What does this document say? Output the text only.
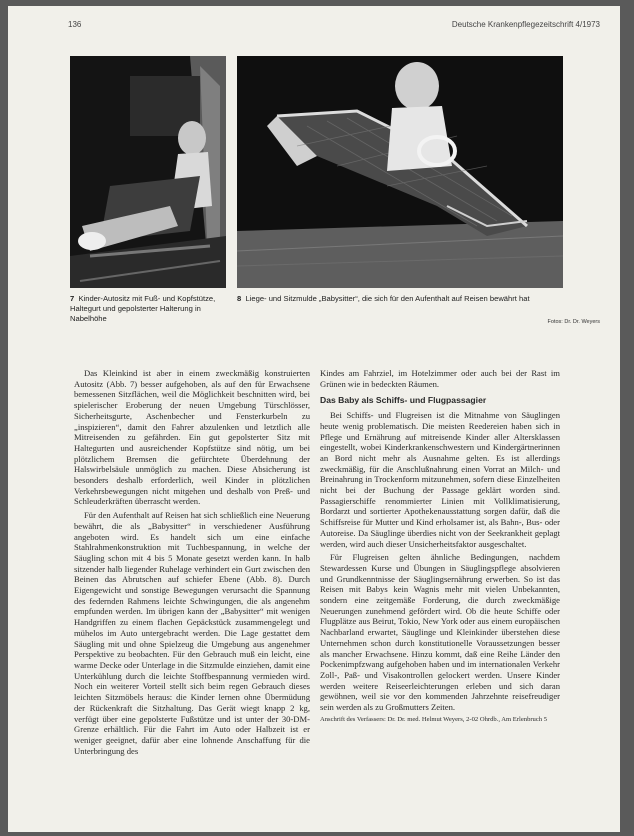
136	Deutsche Krankenpflegezeitschrift 4/1973
7 Kinder-Autositz mit Fuß- und Kopfstütze, Haltegurt und gepolsterter Halterung in Nabelhöhe
8 Liege- und Sitzmulde „Babysitter“, die sich für den Aufenthalt auf Reisen bewährt hat
Fotos: Dr. Dr. Weyers

Das Kleinkind ist aber in einem zweckmäßig konstruierten Autositz (Abb. 7) besser aufgehoben, als auf den für Erwachsene bemessenen Sitzflächen, weil die Möglichkeit beschnitten wird, bei spielerischer Eroberung der neuen Umgebung Türschlösser, Sicherheitsgurte, Aschenbecher und Fensterkurbeln zu „inspizieren“, damit den Fahrer abzulenken und letztlich alle Mitreisenden zu gefährden. Ein gut gepolsterter Sitz mit Haltegurten und ausreichender Kopfstütze sind nötig, um bei plötzlichem Bremsen die gefürchtete Überdehnung der Halswirbelsäule unmöglich zu machen. Diese Absicherung ist besonders deshalb erforderlich, weil Kinder in plötzlichen Verkehrsbewegungen nicht mitgehen und deshalb von Preß- und Schleuderkräften überrascht werden.

Für den Aufenthalt auf Reisen hat sich schließlich eine Neuerung bewährt, die als „Babysitter“ in verschiedener Ausführung angeboten wird. Es handelt sich um eine einfache Stahlrahmenkonstruktion mit Tuchbespannung, in welche der Säugling schon mit 4 bis 5 Monate gesetzt werden kann. In halb sitzender halb liegender Ruhelage verhindert ein Gurt zwischen den Beinen das Abrutschen auf schiefer Ebene (Abb. 8). Durch Eigengewicht und sonstige Bewegungen verursacht die Spannung des federnden Rahmens leichte Schwingungen, die als angenehm empfunden werden. Im übrigen kann der „Babysitter“ mit wenigen Handgriffen zu einem flachen Gepäckstück zusammengelegt und mühelos im Auto untergebracht werden. Die Lage gestattet dem Säugling mit und ohne Spielzeug die Umgebung aus angenehmer Perspektive zu beobachten. Für den Gebrauch muß ein leicht, eine warme Decke oder Unterlage in die Sitzmulde einziehen, damit eine Unterkühlung durch die leichte Stoffbespannung vermieden wird. Noch ein weiterer Vorteil stellt sich beim regen Gebrauch dieses leichten Sitzmöbels heraus: die Kinder lernen ohne Übermüdung der Rückenkraft die Sitzhaltung. Das Gerät wiegt knapp 2 kg, verfügt über eine gepolsterte Fußstütze und ist unter der 30-DM-Grenze erhältlich. Für die Fahrt im Auto oder Halbzeit ist er weniger geeignet, dafür aber eine lohnende Anschaffung für die Unterbringung des

Kindes am Fahrziel, im Hotelzimmer oder auch bei der Rast im Grünen wie in bedeckten Räumen.

Das Baby als Schiffs- und Flugpassagier

Bei Schiffs- und Flugreisen ist die Mitnahme von Säuglingen heute wenig problematisch. Die meisten Reedereien haben sich in Pflege und Ernährung auf mitreisende Kinder aller Altersklassen eingestellt, wobei Kinderkrankenschwestern und Kindergärtnerinnen an Bord nicht mehr als Ausnahme gelten. Es ist allerdings zweckmäßig, für die Anschlußnahrung einen Vorrat an Milch- und Breinahrung in Trockenform mitzunehmen, sofern diese Einzelheiten nicht bei der Buchung der Passage geklärt worden sind. Passagierschiffe renommierter Linien mit Vollklimatisierung, Bordarzt und sortierter Apothekenausstattung sorgen dafür, daß die Schiffsreise für Mutter und Kind erholsamer ist, als Bahn-, Bus- oder Autoreise. Da Säuglinge überdies nicht von der Seekrankheit geplagt werden, wird auch dieser Unsicherheitsfaktor ausgeschaltet.

Für Flugreisen gelten ähnliche Bedingungen, nachdem Stewardessen Kurse und Übungen in Säuglingspflege absolvieren und Grundkenntnisse der Säuglingsernährung erwerben. So ist das Reisen mit Babys kein Wagnis mehr mit vielen Unbekannten, sondern eine zeitgemäße Forderung, die durch zweckmäßige Neuerungen zunehmend gefördert wird. Ob die heute Schiffe oder Flugplätze aus Beirut, Tokio, New York oder aus einem europäischen Nachbarland erwartet, Säuglinge und Kleinkinder überstehen diese Unternehmen schon durch konstitutionelle Voraussetzungen besser als mancher Erwachsene. Hinzu kommt, daß eine Reihe Länder den Pockenimpfzwang aufgehoben haben und im internationalen Verkehr Zoll-, Paß- und Visakontrollen gelockert werden. Unsere Kinder werden weitere Reiseerleichterungen erleben und sich daran gewöhnen, weil sie vor den kommenden Jahrzehnte reisefreudiger sein werden als zu Großmutters Zeiten.

Anschrift des Verfassers: Dr. Dr. med. Helmut Weyers, 2-02 Ohrdb., Am Erlenbruch 5
